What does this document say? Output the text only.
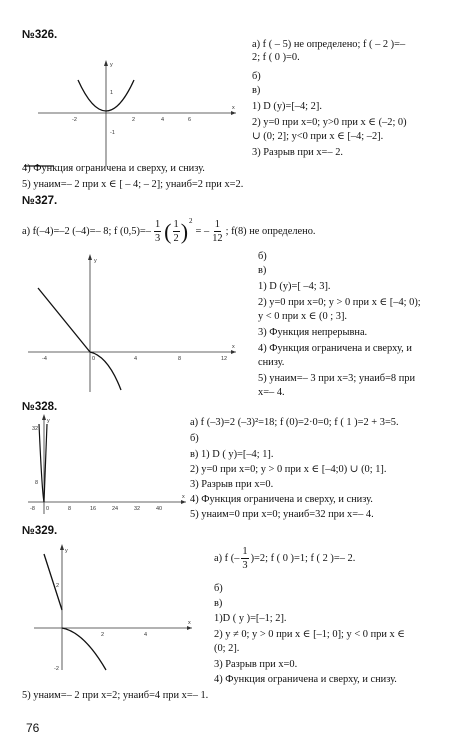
№326.
y
x
1
-2	2	4	6
-1
а) f ( – 5) не определено; f ( – 2 )=–
2; f ( 0 )=0.
б)
в)
1) D (y)=[–4; 2].
2) y=0 при x=0; y>0 при x ∈ (–2; 0)
∪ (0; 2]; y<0 при x ∈ [–4; –2].
3) Разрыв при x=– 2.
4) Функция ограничена и сверху, и снизу.
5) yнаим=– 2 при x ∈ [ – 4; – 2]; yнаиб=2 при x=2.
№327.
а) f(–4)=–2 (–4)=– 8; f $(0,5)=- \frac{1}{3}$ ( $\frac{1}{2} )^2$
= – $\frac{1}{12}$ ; f(8) не определено.
y
x
-4	0	4	8	12
б)
в)
1) D (y)=[ –4; 3].
2) y=0 при x=0; y > 0 при x ∈ [–4; 0);
y < 0 при x ∈ (0 ; 3].
3) Функция непрерывна.
4) Функция ограничена и сверху, и
снизу.
5) yнаим=– 3 при x=3; yнаиб=8 при
x=– 4.
№328.
y
32
8
x
-8 0	8	16	24	32	40
а) f (–3)=2 (–3)²=18; f (0)=2·0=0; f ( 1 )=2 + 3=5.
б)
в) 1) D ( y)=[–4; 1].
2) y=0 при x=0; y > 0 при x ∈ [–4;0) ∪ (0; 1].
3) Разрыв при x=0.
4) Функция ограничена и сверху, и снизу.
5) yнаим=0 при x=0; yнаиб=32 при x=– 4.
№329.
y
x
2
2
-2
4
а) f (– $\frac{1}{3} )=2$; f ( 0 )=1; f ( 2 )=– 2.
б)
в)
1)D ( y )=[–1; 2].
2) y ≠ 0; y > 0 при x ∈ [–1; 0]; y < 0 при x ∈
(0; 2].
3) Разрыв при x=0.
4) Функция ограничена и сверху, и снизу.
5) yнаим=– 2 при x=2; yнаиб=4 при x=– 1.
76
